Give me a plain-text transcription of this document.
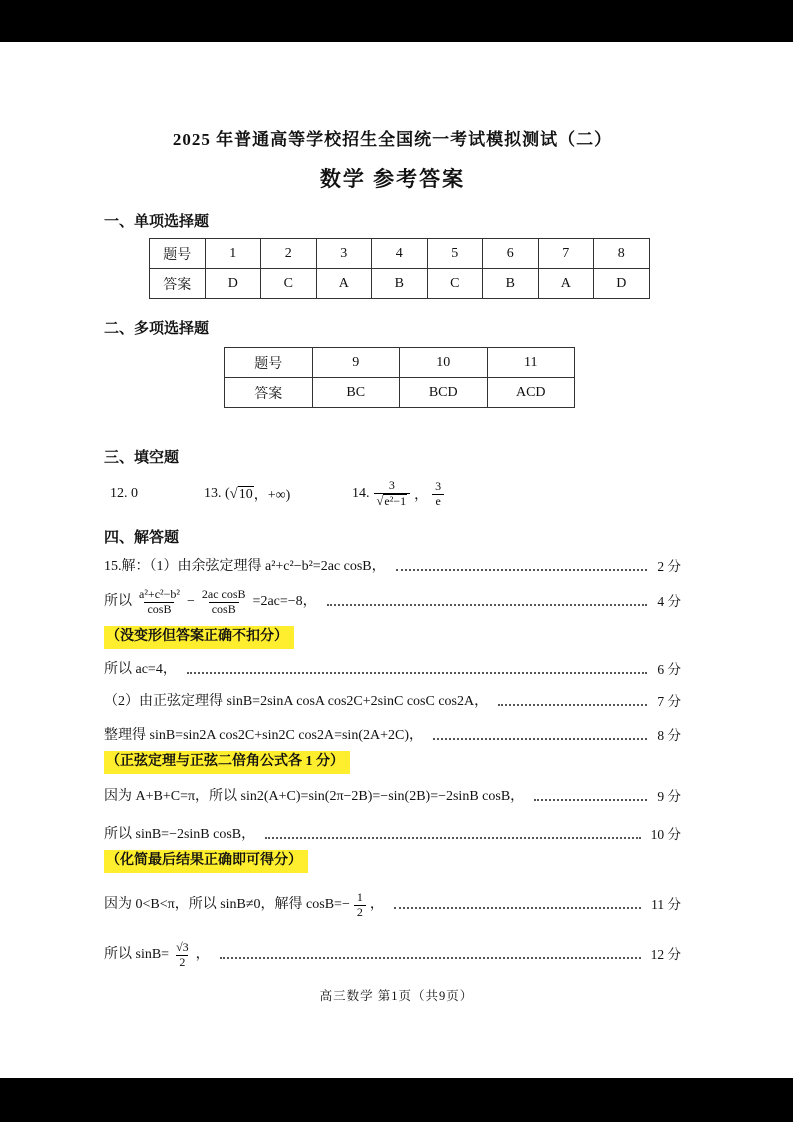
2025 年普通高等学校招生全国统一考试模拟测试（二）
数学 参考答案
一、单项选择题
题号	1	2	3	4	5	6	7	8
答案	D	C	A	B	C	B	A	D
二、多项选择题
题号	9	10	11
答案	BC	BCD	ACD
三、填空题
12. 0	13. ( √ 10 ，+∞)	14. $\frac{3}{\text{√ e²−1}}$ ， $\frac{3}{e}$
四、解答题
15.解：（1）由余弦定理得 a²+c²−b²=2ac cosB，	2 分
所以 $\frac{\text{a²+c²−b²}}{\cos B} - \frac{\text{2ac cosB}}{\cos B} =2ac=-8$，	4 分
（没变形但答案正确不扣分）
所以 ac=4，	6 分
（2）由正弦定理得 sinB=2sinA cosA cos2C+2sinC cosC cos2A，	7 分
整理得 sinB=sin2A cos2C+sin2C cos2A=sin(2A+2C)，	8 分
（正弦定理与正弦二倍角公式各 1 分）
因为 A+B+C=π，所以 sin2(A+C)=sin(2π−2B)=−sin(2B)=−2sinB cosB，	9 分
所以 sinB=−2sinB cosB，	10 分
（化简最后结果正确即可得分）
因为 0<B<π，所以 sinB≠0，解得 $\cos B=- \frac{1}{2}$ ，	11 分
所以 $\sin B= \frac{√3}{2}$ ，	12 分
高三数学 第1页（共9页）
